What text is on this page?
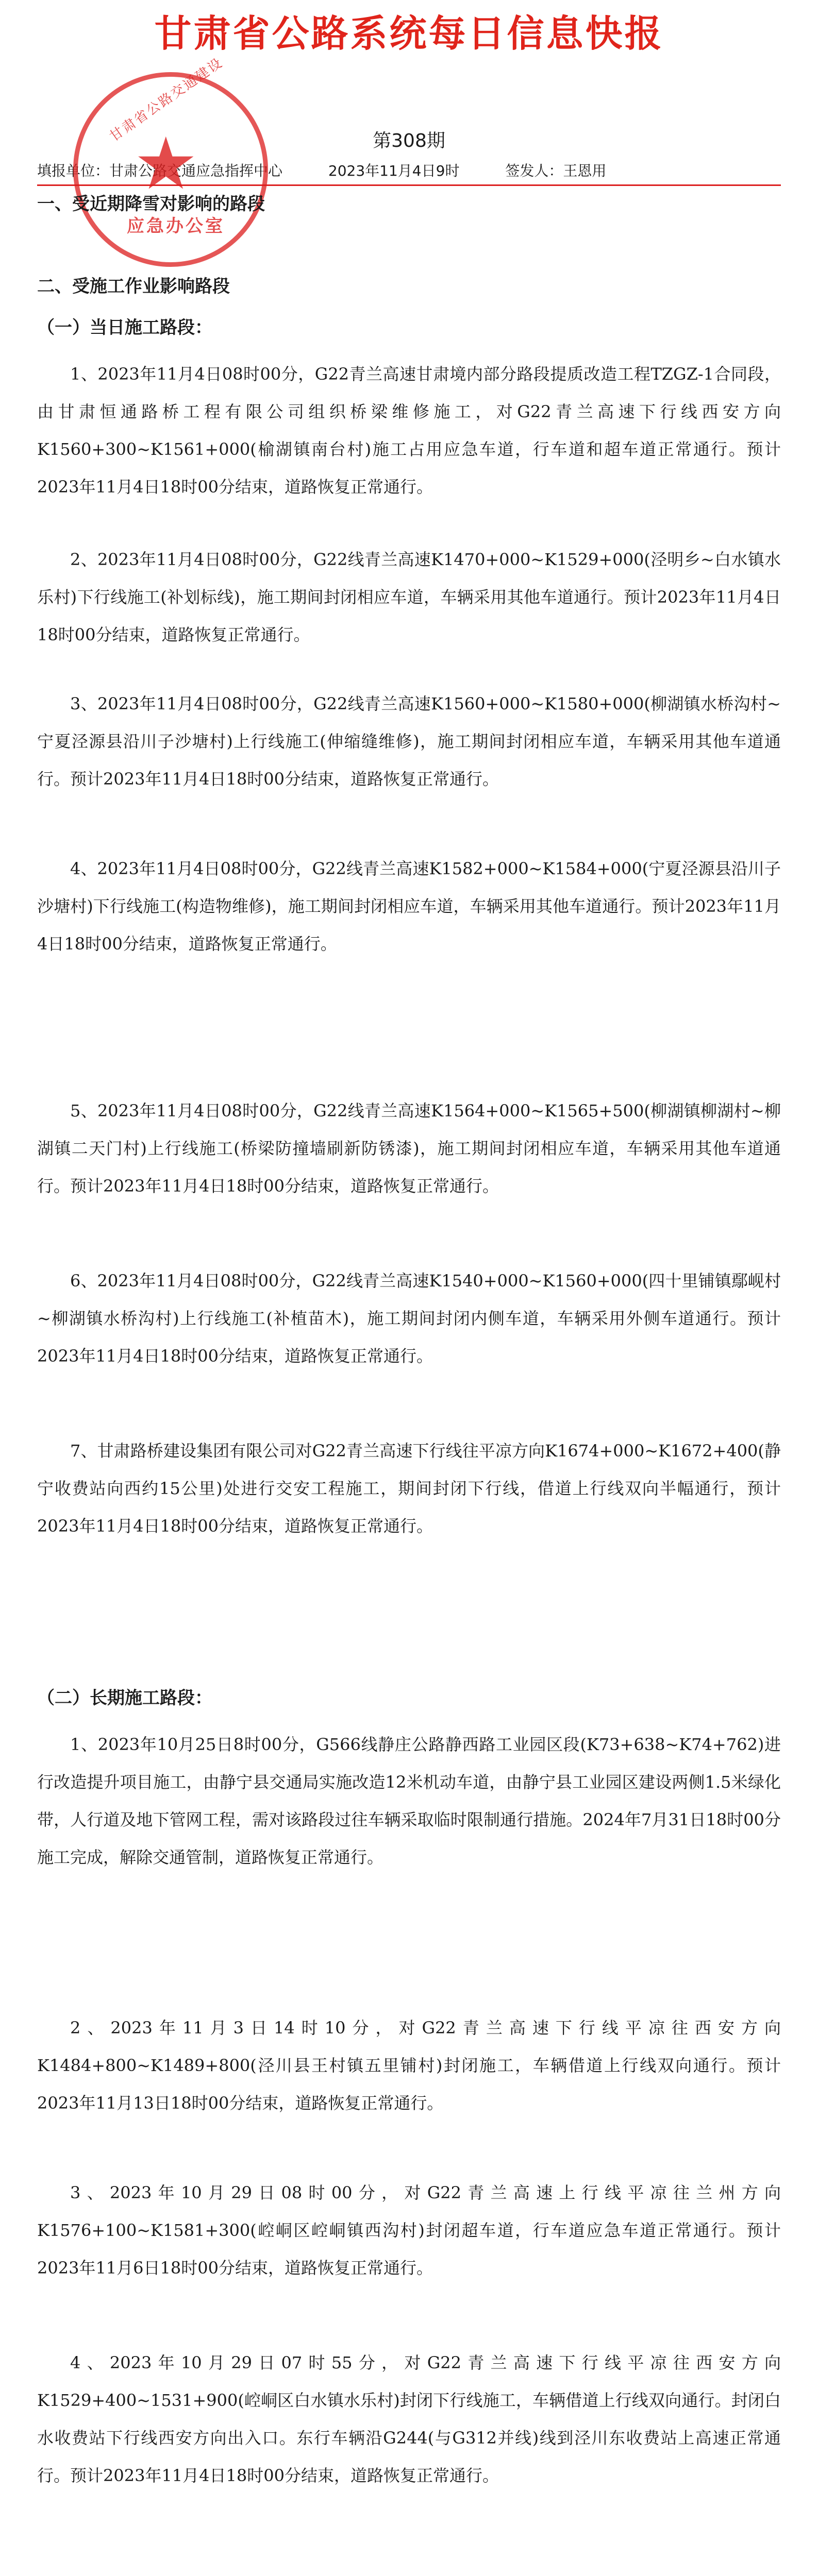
甘肃省公路系统每日信息快报
第308期
填报单位：甘肃公路交通应急指挥中心	2023年11月4日9时	签发人：王恩用
甘肃省公路交通建设
★
应急办公室
一、受近期降雪对影响的路段
二、受施工作业影响路段
（一）当日施工路段：
1、2023年11月4日08时00分，G22青兰高速甘肃境内部分路段提质改造工程TZGZ-1合同段，由甘肃恒通路桥工程有限公司组织桥梁维修施工，对G22青兰高速下行线西安方向K1560+300~K1561+000(榆湖镇南台村)施工占用应急车道，行车道和超车道正常通行。预计2023年11月4日18时00分结束，道路恢复正常通行。
2、2023年11月4日08时00分，G22线青兰高速K1470+000~K1529+000(泾明乡~白水镇水乐村)下行线施工(补划标线)，施工期间封闭相应车道，车辆采用其他车道通行。预计2023年11月4日18时00分结束，道路恢复正常通行。
3、2023年11月4日08时00分，G22线青兰高速K1560+000~K1580+000(柳湖镇水桥沟村~宁夏泾源县沿川子沙塘村)上行线施工(伸缩缝维修)，施工期间封闭相应车道，车辆采用其他车道通行。预计2023年11月4日18时00分结束，道路恢复正常通行。
4、2023年11月4日08时00分，G22线青兰高速K1582+000~K1584+000(宁夏泾源县沿川子沙塘村)下行线施工(构造物维修)，施工期间封闭相应车道，车辆采用其他车道通行。预计2023年11月4日18时00分结束，道路恢复正常通行。
5、2023年11月4日08时00分，G22线青兰高速K1564+000~K1565+500(柳湖镇柳湖村~柳湖镇二天门村)上行线施工(桥梁防撞墙刷新防锈漆)，施工期间封闭相应车道，车辆采用其他车道通行。预计2023年11月4日18时00分结束，道路恢复正常通行。
6、2023年11月4日08时00分，G22线青兰高速K1540+000~K1560+000(四十里铺镇鄢岘村~柳湖镇水桥沟村)上行线施工(补植苗木)，施工期间封闭内侧车道，车辆采用外侧车道通行。预计2023年11月4日18时00分结束，道路恢复正常通行。
7、甘肃路桥建设集团有限公司对G22青兰高速下行线往平凉方向K1674+000~K1672+400(静宁收费站向西约15公里)处进行交安工程施工，期间封闭下行线，借道上行线双向半幅通行，预计2023年11月4日18时00分结束，道路恢复正常通行。
（二）长期施工路段：
1、2023年10月25日8时00分，G566线静庄公路静西路工业园区段(K73+638~K74+762)进行改造提升项目施工，由静宁县交通局实施改造12米机动车道，由静宁县工业园区建设两侧1.5米绿化带，人行道及地下管网工程，需对该路段过往车辆采取临时限制通行措施。2024年7月31日18时00分施工完成，解除交通管制，道路恢复正常通行。
2、2023年11月3日14时10分，对G22青兰高速下行线平凉往西安方向K1484+800~K1489+800(泾川县王村镇五里铺村)封闭施工，车辆借道上行线双向通行。预计2023年11月13日18时00分结束，道路恢复正常通行。
3、2023年10月29日08时00分，对G22青兰高速上行线平凉往兰州方向K1576+100~K1581+300(崆峒区崆峒镇西沟村)封闭超车道，行车道应急车道正常通行。预计2023年11月6日18时00分结束，道路恢复正常通行。
4、2023年10月29日07时55分，对G22青兰高速下行线平凉往西安方向K1529+400~1531+900(崆峒区白水镇水乐村)封闭下行线施工，车辆借道上行线双向通行。封闭白水收费站下行线西安方向出入口。东行车辆沿G244(与G312并线)线到泾川东收费站上高速正常通行。预计2023年11月4日18时00分结束，道路恢复正常通行。
